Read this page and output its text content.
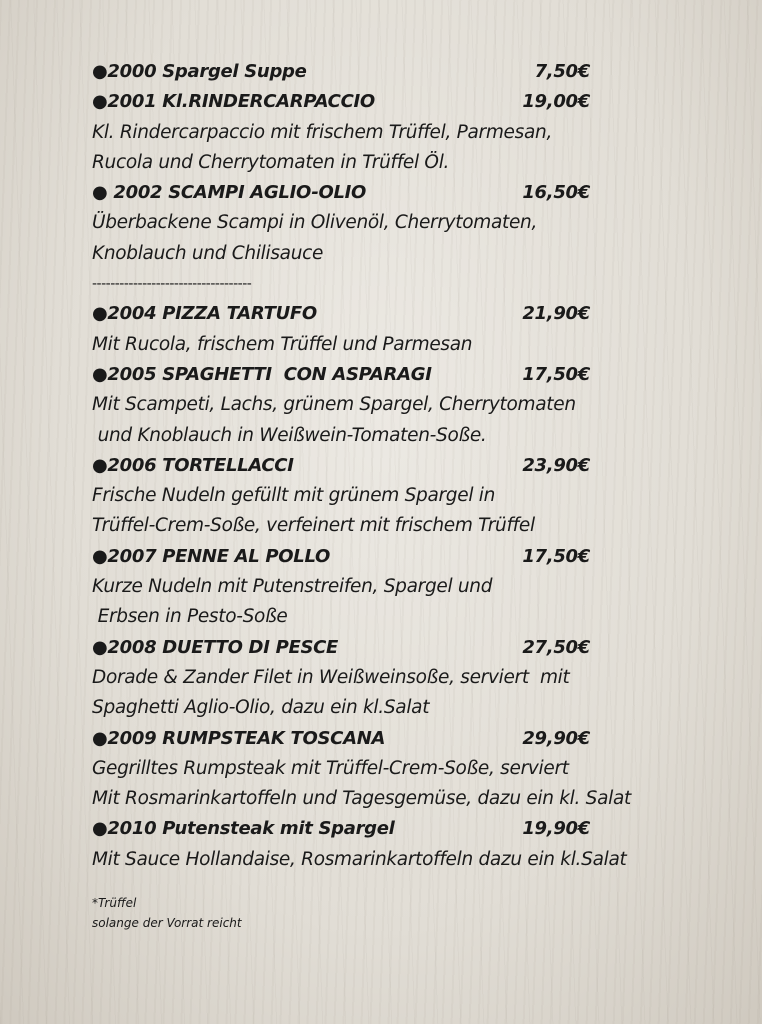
●2000 Spargel Suppe	7,50€
●2001 Kl.RINDERCARPACCIO	19,00€
Kl. Rindercarpaccio mit frischem Trüffel, Parmesan,
Rucola und Cherrytomaten in Trüffel Öl.
● 2002 SCAMPI AGLIO-OLIO	16,50€
Überbackene Scampi in Olivenöl, Cherrytomaten,
Knoblauch und Chilisauce
-----------------------------------
●2004 PIZZA TARTUFO	21,90€
Mit Rucola, frischem Trüffel und Parmesan
●2005 SPAGHETTI  CON ASPARAGI	17,50€
Mit Scampeti, Lachs, grünem Spargel, Cherrytomaten
und Knoblauch in Weißwein-Tomaten-Soße.
●2006 TORTELLACCI	23,90€
Frische Nudeln gefüllt mit grünem Spargel in
Trüffel-Crem-Soße, verfeinert mit frischem Trüffel
●2007 PENNE AL POLLO	17,50€
Kurze Nudeln mit Putenstreifen, Spargel und
Erbsen in Pesto-Soße
●2008 DUETTO DI PESCE	27,50€
Dorade & Zander Filet in Weißweinsoße, serviert  mit
Spaghetti Aglio-Olio, dazu ein kl.Salat
●2009 RUMPSTEAK TOSCANA	29,90€
Gegrilltes Rumpsteak mit Trüffel-Crem-Soße, serviert
Mit Rosmarinkartoffeln und Tagesgemüse, dazu ein kl. Salat
●2010 Putensteak mit Spargel	19,90€
Mit Sauce Hollandaise, Rosmarinkartoffeln dazu ein kl.Salat
*Trüffel
solange der Vorrat reicht
